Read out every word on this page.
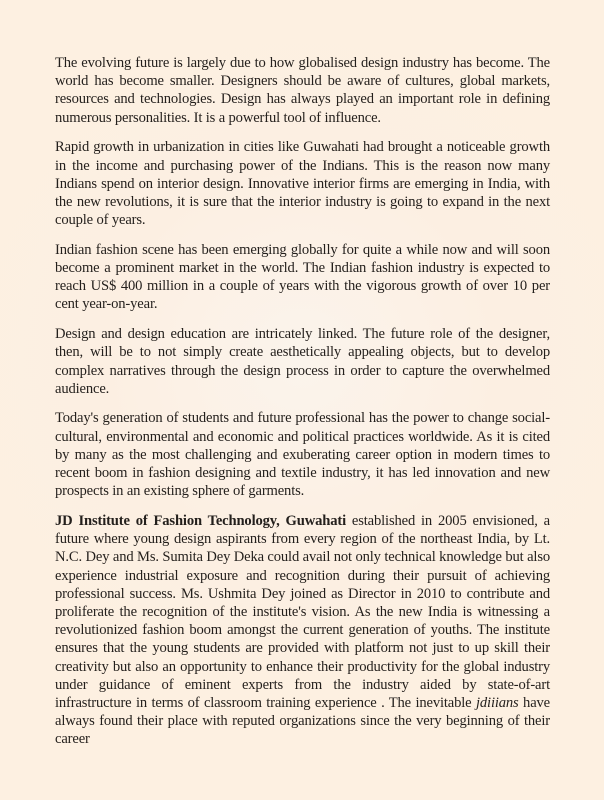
The evolving future is largely due to how globalised design industry has become. The world has become smaller. Designers should be aware of cultures, global markets, resources and technologies. Design has always played an important role in defining numerous personalities. It is a powerful tool of influence.

Rapid growth in urbanization in cities like Guwahati had brought a noticeable growth in the income and purchasing power of the Indians. This is the reason now many Indians spend on interior design. Innovative interior firms are emerging in India, with the new revolutions, it is sure that the interior industry is going to expand in the next couple of years.

Indian fashion scene has been emerging globally for quite a while now and will soon become a prominent market in the world. The Indian fashion industry is expected to reach US$ 400 million in a couple of years with the vigorous growth of over 10 per cent year-on-year.

Design and design education are intricately linked. The future role of the designer, then, will be to not simply create aesthetically appealing objects, but to develop complex narratives through the design process in order to capture the overwhelmed audience.

Today's generation of students and future professional has the power to change social-cultural, environmental and economic and political practices worldwide. As it is cited by many as the most challenging and exuberating career option in modern times to recent boom in fashion designing and textile industry, it has led innovation and new prospects in an existing sphere of garments.

JD Institute of Fashion Technology, Guwahati established in 2005 envisioned, a future where young design aspirants from every region of the northeast India, by Lt. N.C. Dey and Ms. Sumita Dey Deka could avail not only technical knowledge but also experience industrial exposure and recognition during their pursuit of achieving professional success. Ms. Ushmita Dey joined as Director in 2010 to contribute and proliferate the recognition of the institute's vision. As the new India is witnessing a revolutionized fashion boom amongst the current generation of youths. The institute ensures that the young students are provided with platform not just to up skill their creativity but also an opportunity to enhance their productivity for the global industry under guidance of eminent experts from the industry aided by state-of-art infrastructure in terms of classroom training experience . The inevitable jdiiians have always found their place with reputed organizations since the very beginning of their career
